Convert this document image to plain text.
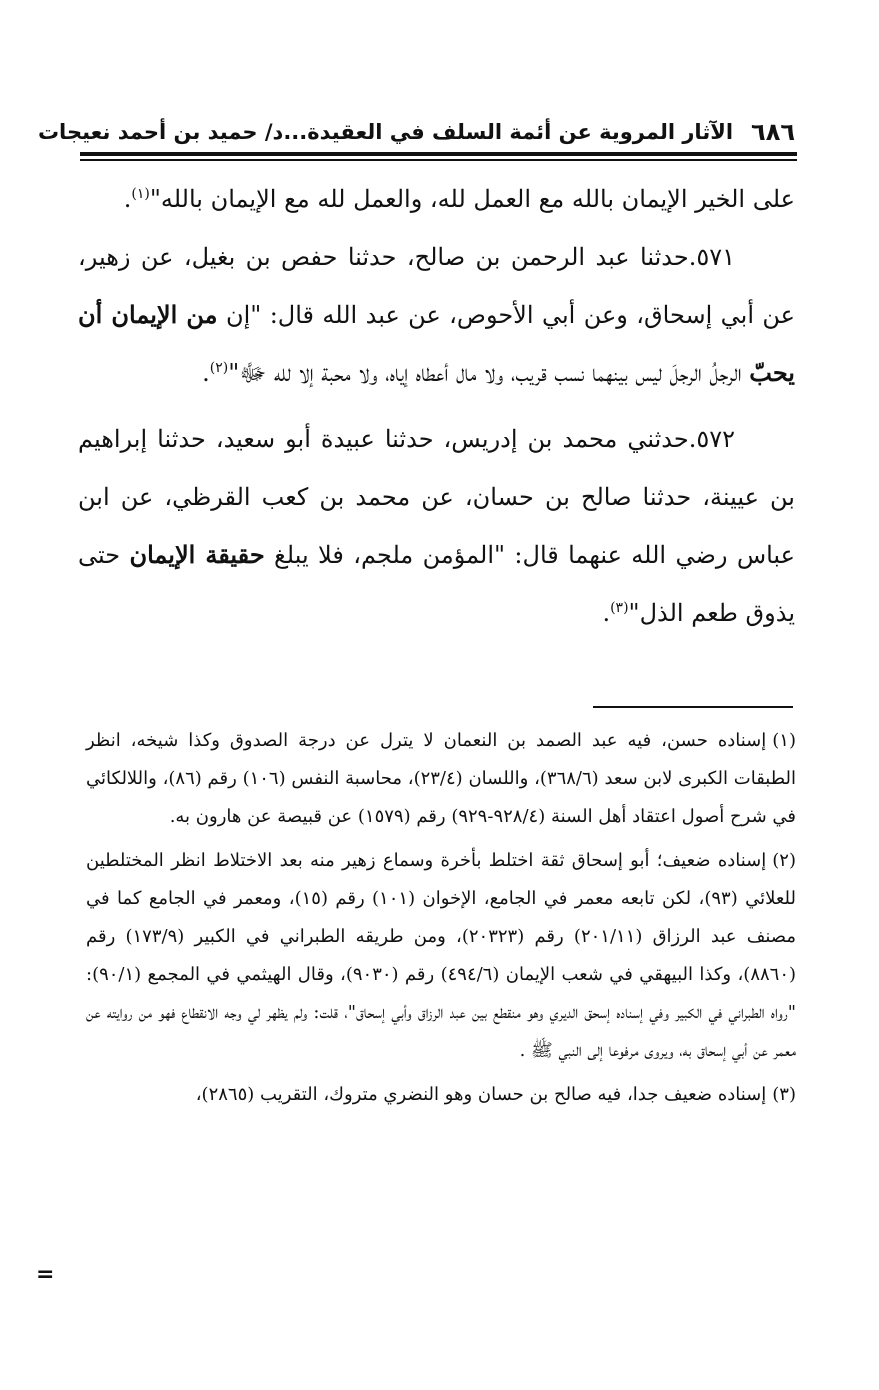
٦٨٦
الآثار المروية عن أئمة السلف في العقيدة...د/ حميد بن أحمد نعيجات

على الخير الإيمان بالله مع العمل لله، والعمل لله مع الإيمان بالله"$^{(١)}$.

٥٧١.حدثنا عبد الرحمن بن صالح، حدثنا حفص بن بغيل، عن زهير، عن أبي إسحاق، وعن أبي الأحوص، عن عبد الله قال: "إن من الإيمان أن يحبّ الرجلُ الرجلَ ليس بينهما نسب قريب، ولا مال أعطاه إياه، ولا محبة إلا لله ﷻ"$^{(٢)}$.

٥٧٢.حدثني محمد بن إدريس، حدثنا عبيدة أبو سعيد، حدثنا إبراهيم بن عيينة، حدثنا صالح بن حسان، عن محمد بن كعب القرظي، عن ابن عباس رضي الله عنهما قال: "المؤمن ملجم، فلا يبلغ حقيقة الإيمان حتى يذوق طعم الذل"$^{(٣)}$.

(١)إسناده حسن، فيه عبد الصمد بن النعمان لا يترل عن درجة الصدوق وكذا شيخه، انظر الطبقات الكبرى لابن سعد (٣٦٨/٦)، واللسان (٢٣/٤)، محاسبة النفس (١٠٦) رقم (٨٦)، واللالكائي في شرح أصول اعتقاد أهل السنة (٩٢٨/٤-٩٢٩) رقم (١٥٧٩) عن قبيصة عن هارون به.

(٢)إسناده ضعيف؛ أبو إسحاق ثقة اختلط بأخرة وسماع زهير منه بعد الاختلاط انظر المختلطين للعلائي (٩٣)، لكن تابعه معمر في الجامع، الإخوان (١٠١) رقم (١٥)، ومعمر في الجامع كما في مصنف عبد الرزاق (٢٠١/١١) رقم (٢٠٣٢٣)، ومن طريقه الطبراني في الكبير (١٧٣/٩) رقم (٨٨٦٠)، وكذا البيهقي في شعب الإيمان (٤٩٤/٦) رقم (٩٠٣٠)، وقال الهيثمي في المجمع (٩٠/١): "رواه الطبراني في الكبير وفي إسناده إسحق الديري وهو منقطع بين عبد الرزاق وأبي إسحاق"، قلت: ولم يظهر لي وجه الانقطاع فهو من روايته عن معمر عن أبي إسحاق به، ويروى مرفوعا إلى النبي ﷺ .

(٣)إسناده ضعيف جدا، فيه صالح بن حسان وهو النضري متروك، التقريب (٢٨٦٥)،

=
